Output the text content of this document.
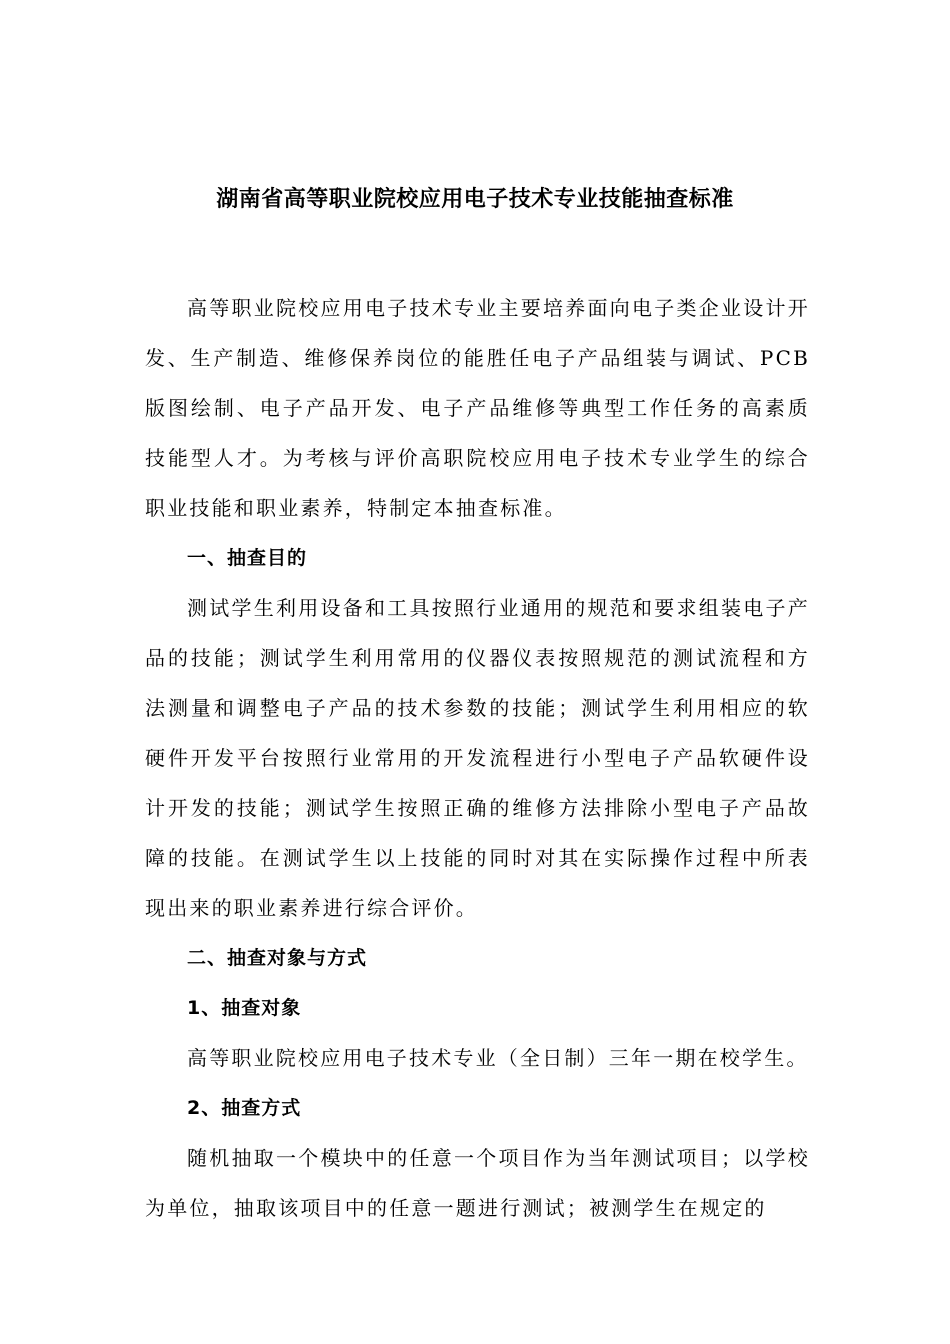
湖南省高等职业院校应用电子技术专业技能抽查标准

高等职业院校应用电子技术专业主要培养面向电子类企业设计开发、生产制造、维修保养岗位的能胜任电子产品组装与调试、PCB版图绘制、电子产品开发、电子产品维修等典型工作任务的高素质技能型人才。为考核与评价高职院校应用电子技术专业学生的综合职业技能和职业素养，特制定本抽查标准。

一、抽查目的

测试学生利用设备和工具按照行业通用的规范和要求组装电子产品的技能；测试学生利用常用的仪器仪表按照规范的测试流程和方法测量和调整电子产品的技术参数的技能；测试学生利用相应的软硬件开发平台按照行业常用的开发流程进行小型电子产品软硬件设计开发的技能；测试学生按照正确的维修方法排除小型电子产品故障的技能。在测试学生以上技能的同时对其在实际操作过程中所表现出来的职业素养进行综合评价。

二、抽查对象与方式

1、抽查对象

高等职业院校应用电子技术专业（全日制）三年一期在校学生。

2、抽查方式

随机抽取一个模块中的任意一个项目作为当年测试项目；以学校为单位，抽取该项目中的任意一题进行测试；被测学生在规定的
